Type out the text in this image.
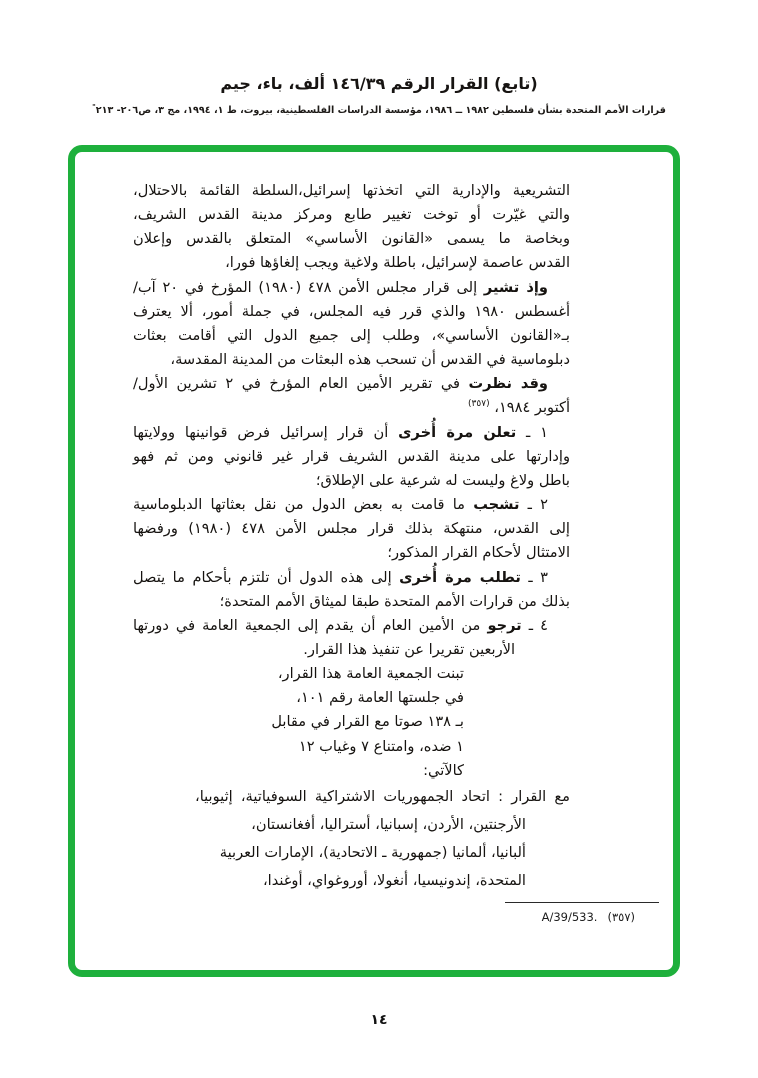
(تابع) القرار الرقم ١٤٦/٣٩ ألف، باء، جيم
قرارات الأمم المتحدة بشأن فلسطين ١٩٨٢ ــ ١٩٨٦، مؤسسة الدراسات الفلسطينية، بيروت، ط ١، ١٩٩٤، مج ٣، ص٢٠٦- ٢١٣"
التشريعية والإدارية التي اتخذتها إسرائيل،السلطة القائمة بالاحتلال،
والتي غيّرت أو توخت تغيير طابع ومركز مدينة القدس الشريف،
وبخاصة ما يسمى «القانون الأساسي» المتعلق بالقدس وإعلان
القدس عاصمة لإسرائيل، باطلة ولاغية ويجب إلغاؤها فورا،
وإذ تشير إلى قرار مجلس الأمن ٤٧٨ (١٩٨٠) المؤرخ في ٢٠ آب/
أغسطس ١٩٨٠ والذي قرر فيه المجلس، في جملة أمور، ألا يعترف
بـ«القانون الأساسي»، وطلب إلى جميع الدول التي أقامت بعثات
دبلوماسية في القدس أن تسحب هذه البعثات من المدينة المقدسة،
وقد نظرت في تقرير الأمين العام المؤرخ في ٢ تشرين الأول/
أكتوبر ١٩٨٤، $^{(٣٥٧)}$
١ ـ تعلن مرة أُخرى أن قرار إسرائيل فرض قوانينها وولايتها
وإدارتها على مدينة القدس الشريف قرار غير قانوني ومن ثم فهو
باطل ولاغ وليست له شرعية على الإطلاق؛
٢ ـ تشجب ما قامت به بعض الدول من نقل بعثاتها الدبلوماسية
إلى القدس، منتهكة بذلك قرار مجلس الأمن ٤٧٨ (١٩٨٠) ورفضها
الامتثال لأحكام القرار المذكور؛
٣ ـ تطلب مرة أُخرى إلى هذه الدول أن تلتزم بأحكام ما يتصل
بذلك من قرارات الأمم المتحدة طبقا لميثاق الأمم المتحدة؛
٤ ـ ترجو من الأمين العام أن يقدم إلى الجمعية العامة في دورتها
الأربعين تقريرا عن تنفيذ هذا القرار.
تبنت الجمعية العامة هذا القرار،
في جلستها العامة رقم ١٠١،
بـ ١٣٨ صوتا مع القرار في مقابل
١ ضده، وامتناع ٧ وغياب ١٢
كالآتي:
مع القرار : اتحاد الجمهوريات الاشتراكية السوفياتية، إثيوبيا،
الأرجنتين، الأردن، إسبانيا، أستراليا، أفغانستان،
ألبانيا، ألمانيا (جمهورية ـ الاتحادية)، الإمارات العربية
المتحدة، إندونيسيا، أنغولا، أوروغواي، أوغندا،
(٣٥٧)A/39/533.
١٤
